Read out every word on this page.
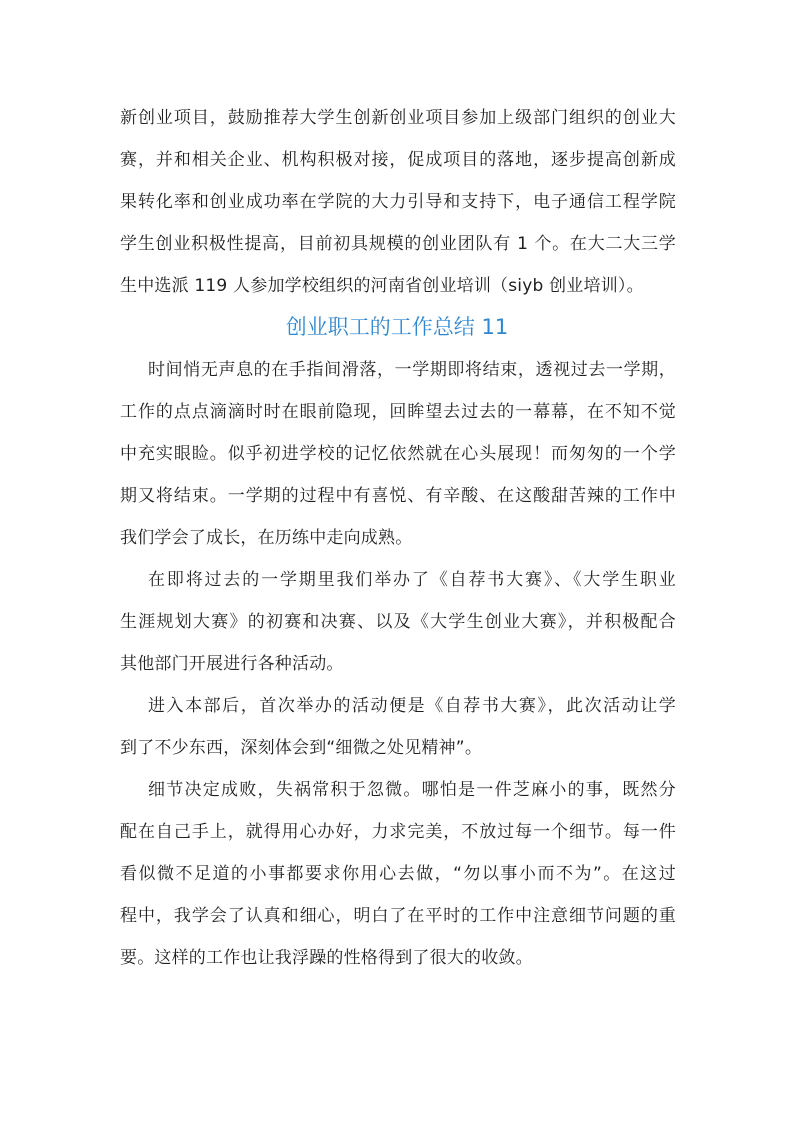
新创业项目，鼓励推荐大学生创新创业项目参加上级部门组织的创业大
赛，并和相关企业、机构积极对接，促成项目的落地，逐步提高创新成
果转化率和创业成功率在学院的大力引导和支持下，电子通信工程学院
学生创业积极性提高，目前初具规模的创业团队有 1 个。在大二大三学
生中选派 119 人参加学校组织的河南省创业培训（siyb 创业培训）。
创业职工的工作总结 11
时间悄无声息的在手指间滑落，一学期即将结束，透视过去一学期，
工作的点点滴滴时时在眼前隐现，回眸望去过去的一幕幕，在不知不觉
中充实眼睑。似乎初进学校的记忆依然就在心头展现！而匆匆的一个学
期又将结束。一学期的过程中有喜悦、有辛酸、在这酸甜苦辣的工作中
我们学会了成长，在历练中走向成熟。
在即将过去的一学期里我们举办了《自荐书大赛》、《大学生职业
生涯规划大赛》的初赛和决赛、以及《大学生创业大赛》，并积极配合
其他部门开展进行各种活动。
进入本部后，首次举办的活动便是《自荐书大赛》，此次活动让学
到了不少东西，深刻体会到“细微之处见精神”。
细节决定成败，失祸常积于忽微。哪怕是一件芝麻小的事，既然分
配在自己手上，就得用心办好，力求完美，不放过每一个细节。每一件
看似微不足道的小事都要求你用心去做，“勿以事小而不为”。在这过
程中，我学会了认真和细心，明白了在平时的工作中注意细节问题的重
要。这样的工作也让我浮躁的性格得到了很大的收敛。
